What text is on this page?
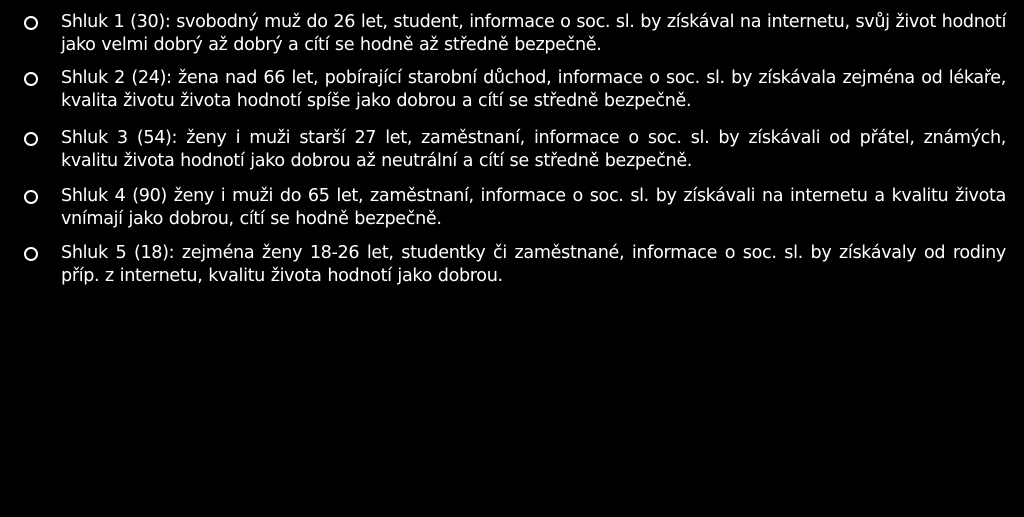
Shluk 1 (30): svobodný muž do 26 let, student, informace o soc. sl. by získával na internetu, svůj život hodnotí jako velmi dobrý až dobrý a cítí se hodně až středně bezpečně.
Shluk 2 (24): žena nad 66 let, pobírající starobní důchod, informace o soc. sl. by získávala zejména od lékaře, kvalita životu života hodnotí spíše jako dobrou a cítí se středně bezpečně.
Shluk 3 (54): ženy i muži starší 27 let, zaměstnaní, informace o soc. sl. by získávali od přátel, známých, kvalitu života hodnotí jako dobrou až neutrální a cítí se středně bezpečně.
Shluk 4 (90) ženy i muži do 65 let, zaměstnaní, informace o soc. sl. by získávali na internetu a kvalitu života vnímají jako dobrou, cítí se hodně bezpečně.
Shluk 5 (18): zejména ženy 18-26 let, studentky či zaměstnané, informace o soc. sl. by získávaly od rodiny příp. z internetu, kvalitu života hodnotí jako dobrou.
